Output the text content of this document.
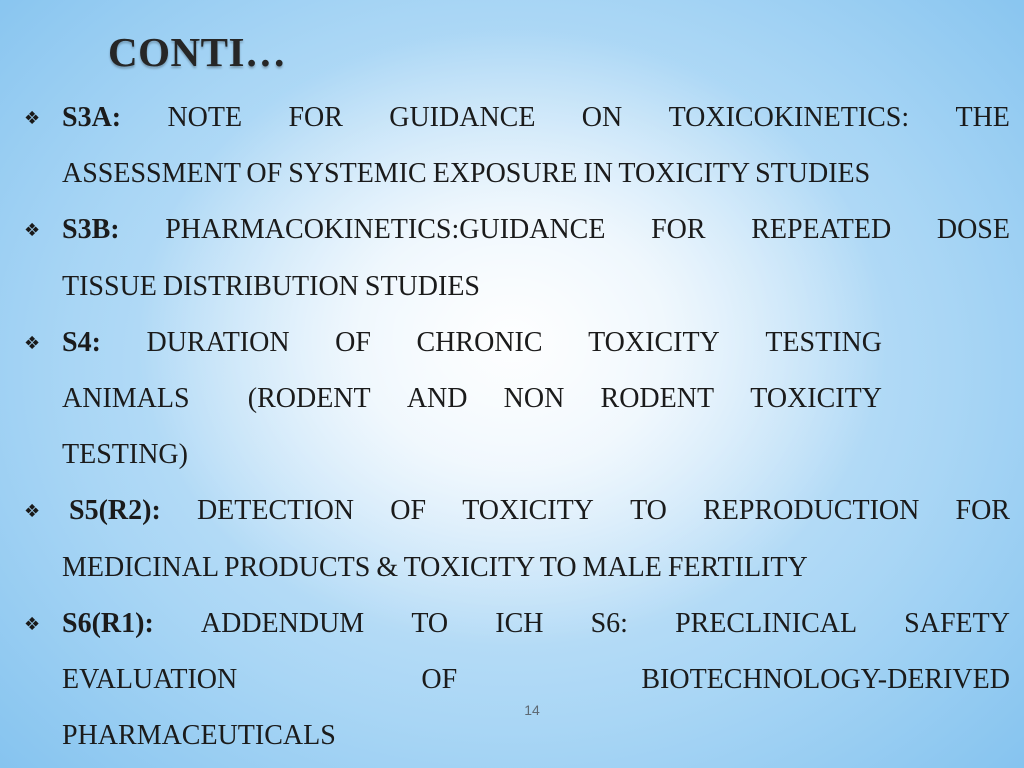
CONTI…
❖ S3A: NOTE FOR GUIDANCE ON TOXICOKINETICS: THE
ASSESSMENT OF SYSTEMIC EXPOSURE IN TOXICITY STUDIES
❖ S3B: PHARMACOKINETICS:GUIDANCE FOR REPEATED DOSE
TISSUE DISTRIBUTION STUDIES
❖ S4: DURATION OF CHRONIC TOXICITY TESTING
ANIMALS (RODENT AND NON RODENT TOXICITY
TESTING)
❖ S5(R2): DETECTION OF TOXICITY TO REPRODUCTION FOR
MEDICINAL PRODUCTS & TOXICITY TO MALE FERTILITY
❖ S6(R1): ADDENDUM TO ICH S6: PRECLINICAL SAFETY
EVALUATION	OF	BIOTECHNOLOGY-DERIVED
PHARMACEUTICALS
14
